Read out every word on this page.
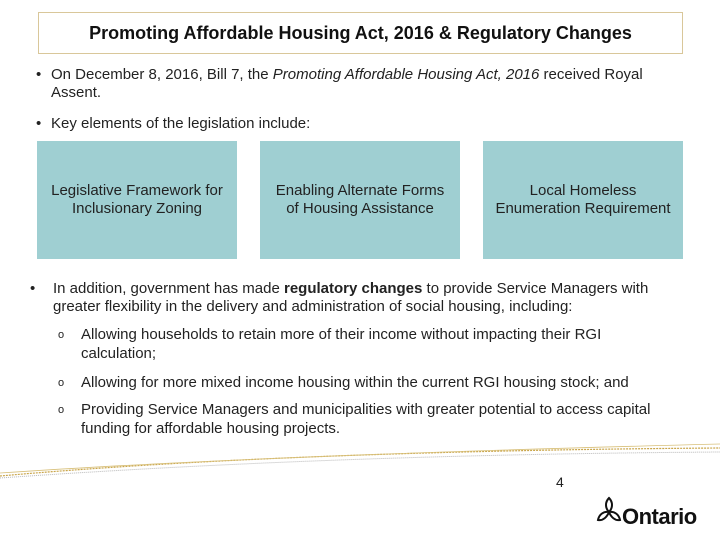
Promoting Affordable Housing Act, 2016 & Regulatory Changes
• On December 8, 2016, Bill 7, the Promoting Affordable Housing Act, 2016 received Royal Assent.
• Key elements of the legislation include:
Legislative Framework for Inclusionary Zoning
Enabling Alternate Forms of Housing Assistance
Local Homeless Enumeration Requirement
•	In addition, government has made regulatory changes to provide Service Managers with greater flexibility in the delivery and administration of social housing, including:
o	Allowing households to retain more of their income without impacting their RGI calculation;
o	Allowing for more mixed income housing within the current RGI housing stock; and
o	Providing Service Managers and municipalities with greater potential to access capital funding for affordable housing projects.
4
Ontario
